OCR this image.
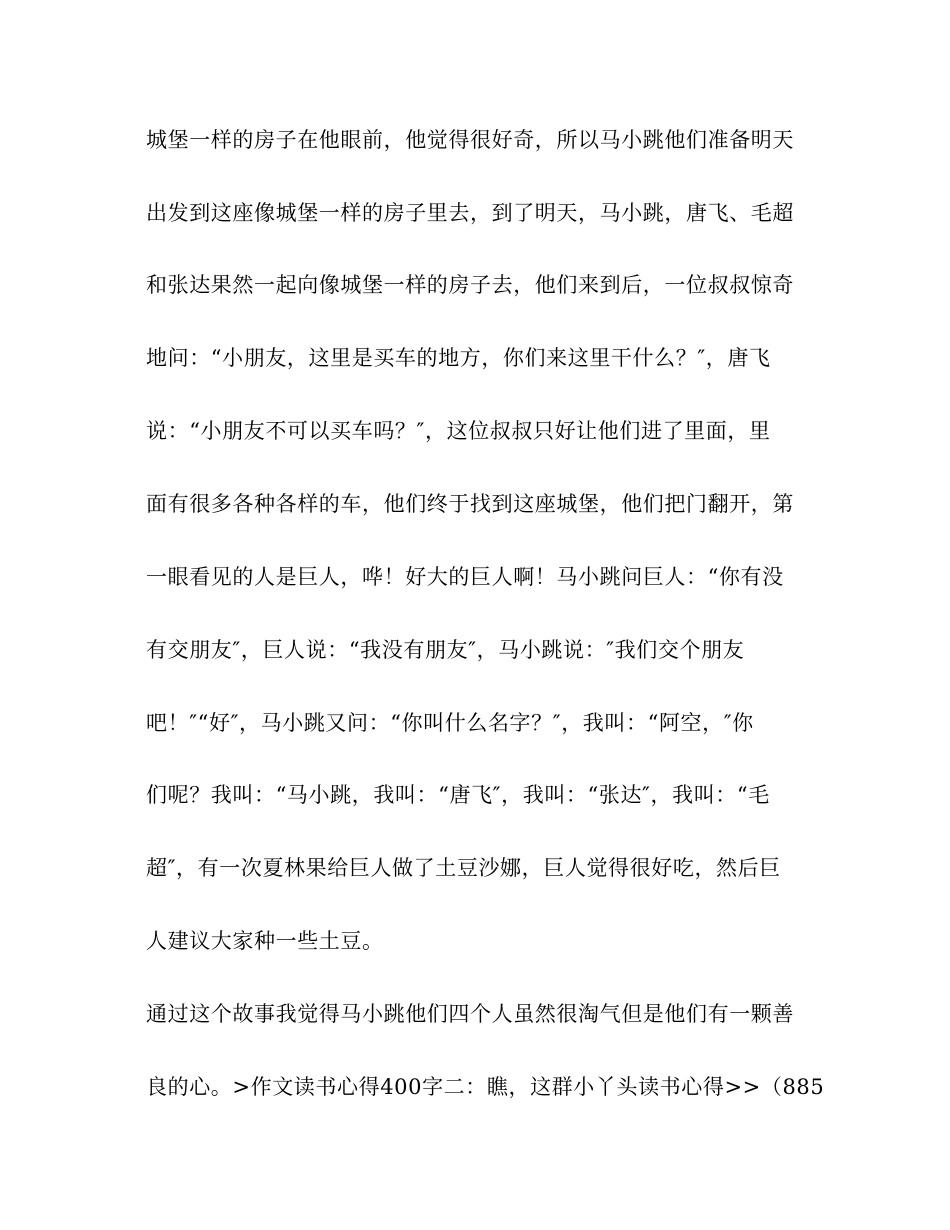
城堡一样的房子在他眼前，他觉得很好奇，所以马小跳他们准备明天
出发到这座像城堡一样的房子里去，到了明天，马小跳，唐飞、毛超
和张达果然一起向像城堡一样的房子去，他们来到后，一位叔叔惊奇
地问：“小朋友，这里是买车的地方，你们来这里干什么？″，唐飞
说：“小朋友不可以买车吗？″，这位叔叔只好让他们进了里面，里
面有很多各种各样的车，他们终于找到这座城堡，他们把门翻开，第
一眼看见的人是巨人，哗！好大的巨人啊！马小跳问巨人：“你有没
有交朋友″，巨人说：“我没有朋友″，马小跳说：″我们交个朋友
吧！″“好″，马小跳又问：“你叫什么名字？″，我叫：“阿空，″你
们呢？我叫：“马小跳，我叫：“唐飞″，我叫：“张达″，我叫：“毛
超″，有一次夏林果给巨人做了土豆沙娜，巨人觉得很好吃，然后巨
人建议大家种一些土豆。
通过这个故事我觉得马小跳他们四个人虽然很淘气但是他们有一颗善
良的心。>作文读书心得400字二：瞧，这群小丫头读书心得>>（885
